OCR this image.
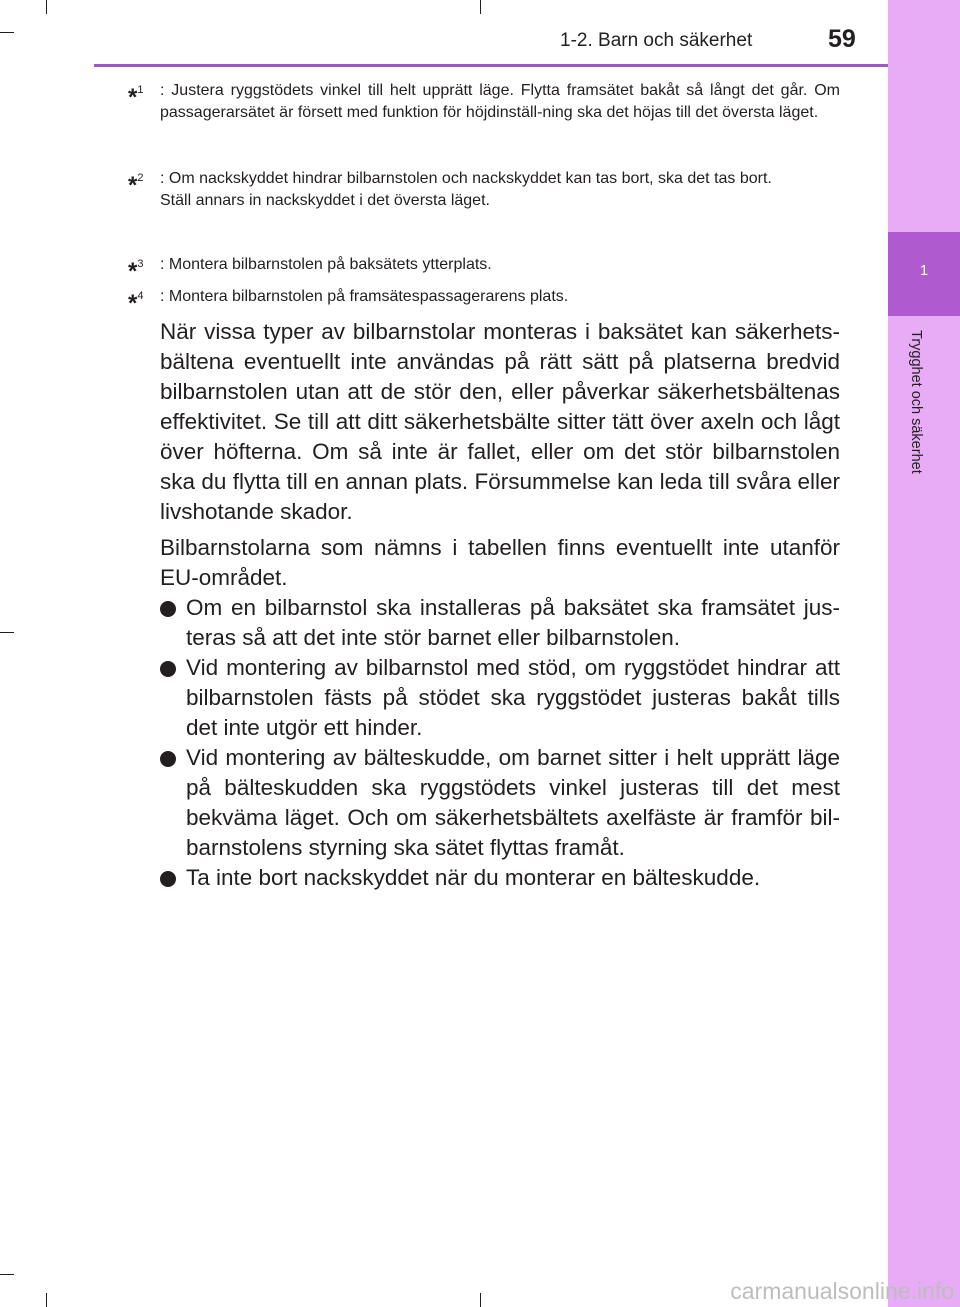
1
Trygghet och säkerhet
1-2. Barn och säkerhet	59
*$^1$	: Justera ryggstödets vinkel till helt upprätt läge. Flytta framsätet bakåt så långt det går. Om passagerarsätet är försett med funktion för höjdinställ-ning ska det höjas till det översta läget.
*$^2$	: Om nackskyddet hindrar bilbarnstolen och nackskyddet kan tas bort, ska det tas bort.
Ställ annars in nackskyddet i det översta läget.
*$^3$	: Montera bilbarnstolen på baksätets ytterplats.
*$^4$	: Montera bilbarnstolen på framsätespassagerarens plats.
När vissa typer av bilbarnstolar monteras i baksätet kan säkerhets-bältena eventuellt inte användas på rätt sätt på platserna bredvid bilbarnstolen utan att de stör den, eller påverkar säkerhetsbältenas effektivitet. Se till att ditt säkerhetsbälte sitter tätt över axeln och lågt över höfterna. Om så inte är fallet, eller om det stör bilbarnstolen ska du flytta till en annan plats. Försummelse kan leda till svåra eller livshotande skador.
Bilbarnstolarna som nämns i tabellen finns eventuellt inte utanför EU-området.
Om en bilbarnstol ska installeras på baksätet ska framsätet jus-teras så att det inte stör barnet eller bilbarnstolen.
Vid montering av bilbarnstol med stöd, om ryggstödet hindrar att bilbarnstolen fästs på stödet ska ryggstödet justeras bakåt tills det inte utgör ett hinder.
Vid montering av bälteskudde, om barnet sitter i helt upprätt läge på bälteskudden ska ryggstödets vinkel justeras till det mest bekväma läget. Och om säkerhetsbältets axelfäste är framför bil-barnstolens styrning ska sätet flyttas framåt.
Ta inte bort nackskyddet när du monterar en bälteskudde.
carmanualsonline.info
